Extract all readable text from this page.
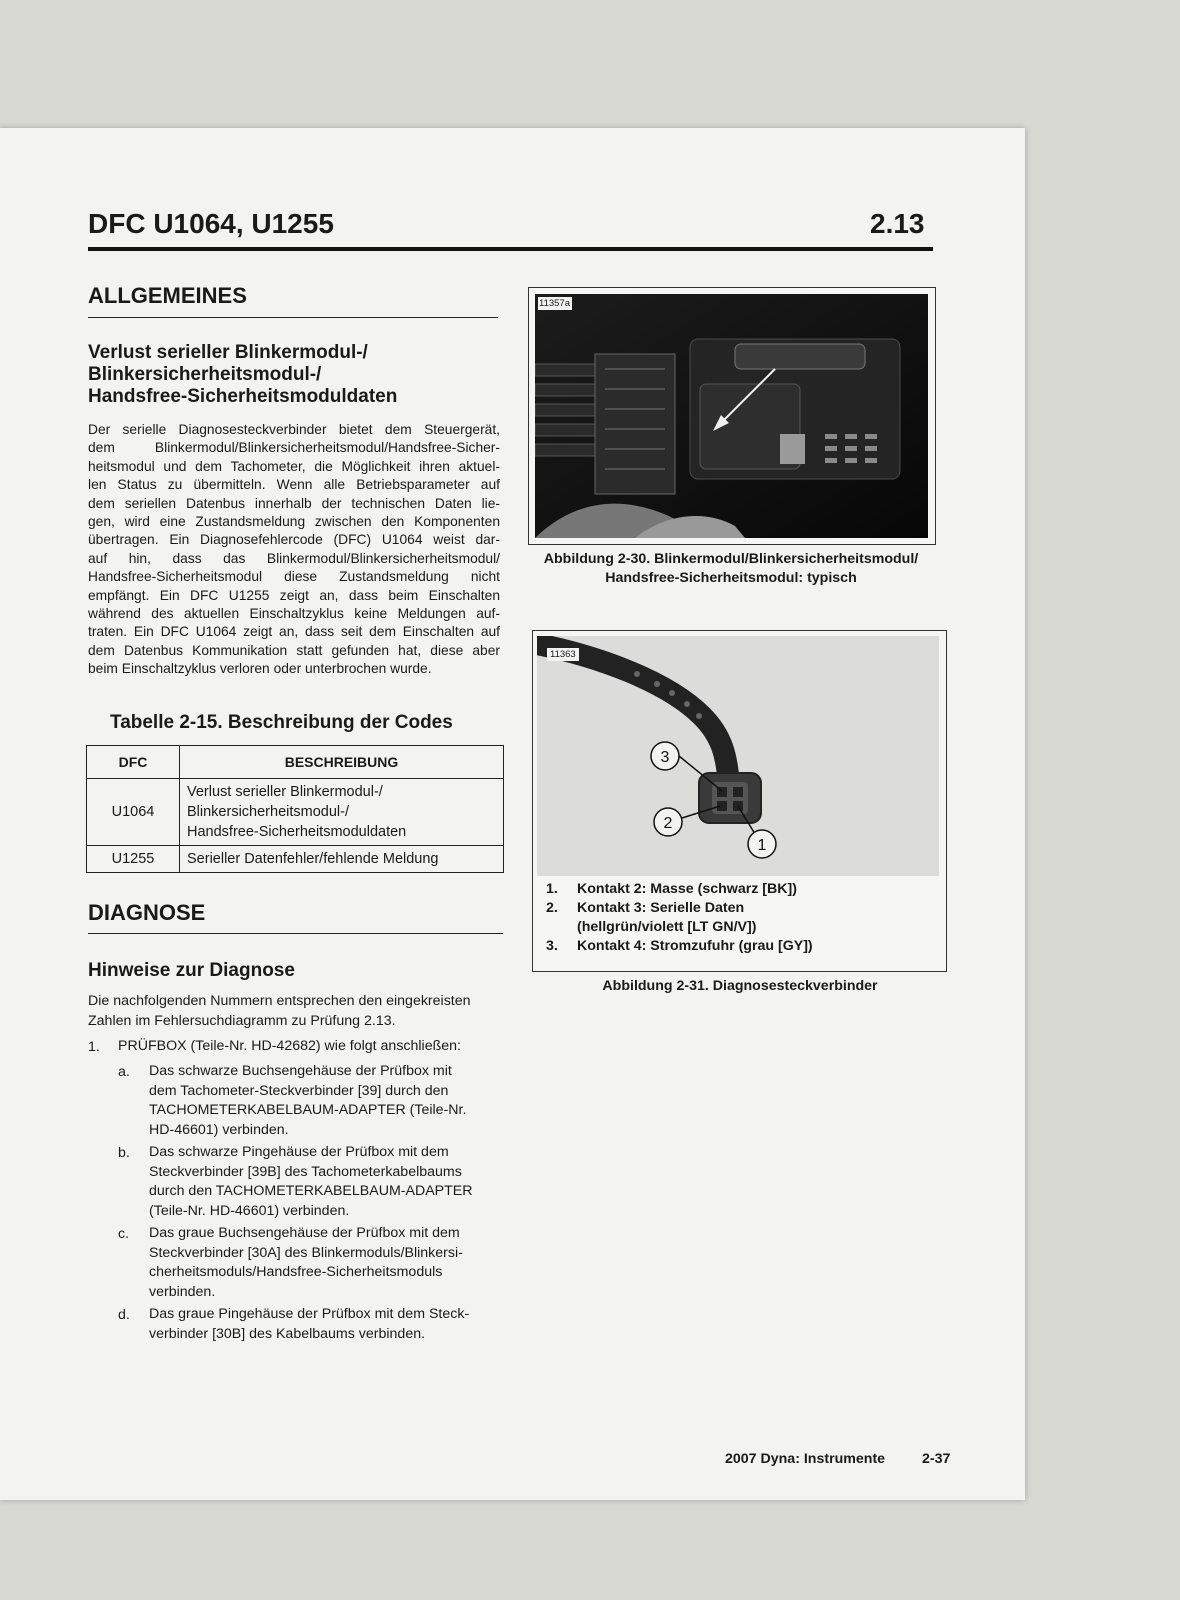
DFC U1064, U1255	2.13
ALLGEMEINES
Verlust serieller Blinkermodul-/
Blinkersicherheitsmodul-/
Handsfree-Sicherheitsmoduldaten
Der serielle Diagnosesteckverbinder bietet dem Steuergerät,
dem Blinkermodul/Blinkersicherheitsmodul/Handsfree-Sicher-
heitsmodul und dem Tachometer, die Möglichkeit ihren aktuel-
len Status zu übermitteln. Wenn alle Betriebsparameter auf
dem seriellen Datenbus innerhalb der technischen Daten lie-
gen, wird eine Zustandsmeldung zwischen den Komponenten
übertragen. Ein Diagnosefehlercode (DFC) U1064 weist dar-
auf hin, dass das Blinkermodul/Blinkersicherheitsmodul/
Handsfree-Sicherheitsmodul diese Zustandsmeldung nicht
empfängt. Ein DFC U1255 zeigt an, dass beim Einschalten
während des aktuellen Einschaltzyklus keine Meldungen auf-
traten. Ein DFC U1064 zeigt an, dass seit dem Einschalten auf
dem Datenbus Kommunikation statt gefunden hat, diese aber
beim Einschaltzyklus verloren oder unterbrochen wurde.
Tabelle 2-15. Beschreibung der Codes
DFC	BESCHREIBUNG
U1064	Verlust serieller Blinkermodul-/
Blinkersicherheitsmodul-/
Handsfree-Sicherheitsmoduldaten

U1255	Serieller Datenfehler/fehlende Meldung
DIAGNOSE
Hinweise zur Diagnose
Die nachfolgenden Nummern entsprechen den eingekreisten
Zahlen im Fehlersuchdiagramm zu Prüfung 2.13.
1. PRÜFBOX (Teile-Nr. HD-42682) wie folgt anschließen:
a. Das schwarze Buchsengehäuse der Prüfbox mit
dem Tachometer-Steckverbinder [39] durch den
TACHOMETERKABELBAUM-ADAPTER (Teile-Nr.
HD-46601) verbinden.
b. Das schwarze Pingehäuse der Prüfbox mit dem
Steckverbinder [39B] des Tachometerkabelbaums
durch den TACHOMETERKABELBAUM-ADAPTER
(Teile-Nr. HD-46601) verbinden.
c. Das graue Buchsengehäuse der Prüfbox mit dem
Steckverbinder [30A] des Blinkermoduls/Blinkersi-
cherheitsmoduls/Handsfree-Sicherheitsmoduls
verbinden.
d. Das graue Pingehäuse der Prüfbox mit dem Steck-
verbinder [30B] des Kabelbaums verbinden.
11357a
Abbildung 2-30. Blinkermodul/Blinkersicherheitsmodul/
Handsfree-Sicherheitsmodul: typisch
3
2
1
11363
1.	Kontakt 2: Masse (schwarz [BK])
2.	Kontakt 3: Serielle Daten
(hellgrün/violett [LT GN/V])
3.	Kontakt 4: Stromzufuhr (grau [GY])
Abbildung 2-31. Diagnosesteckverbinder
2007 Dyna: Instrumente	2-37
